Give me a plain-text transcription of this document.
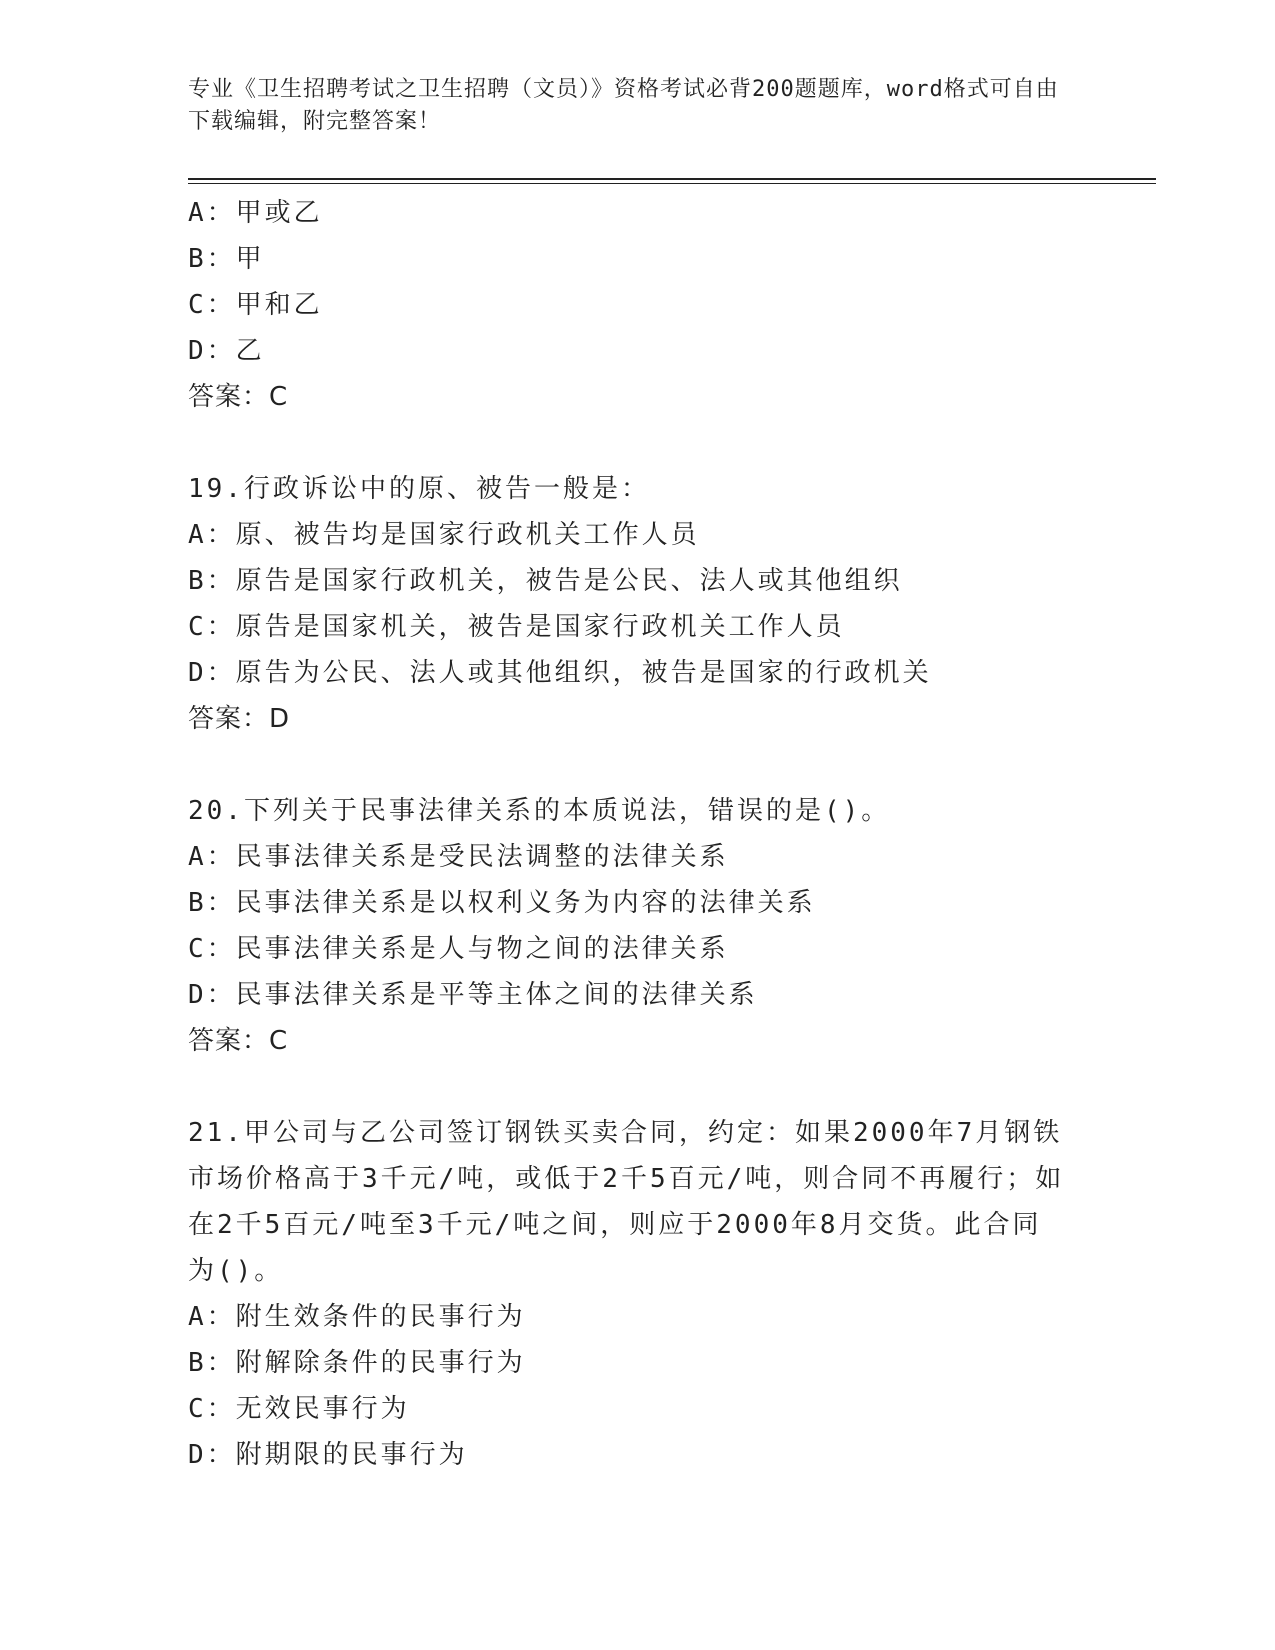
专业《卫生招聘考试之卫生招聘（文员）》资格考试必背200题题库，word格式可自由下载编辑，附完整答案！
A：甲或乙
B：甲
C：甲和乙
D：乙
答案：C
19.行政诉讼中的原、被告一般是：
A：原、被告均是国家行政机关工作人员
B：原告是国家行政机关，被告是公民、法人或其他组织
C：原告是国家机关，被告是国家行政机关工作人员
D：原告为公民、法人或其他组织，被告是国家的行政机关
答案：D
20.下列关于民事法律关系的本质说法，错误的是()。
A：民事法律关系是受民法调整的法律关系
B：民事法律关系是以权利义务为内容的法律关系
C：民事法律关系是人与物之间的法律关系
D：民事法律关系是平等主体之间的法律关系
答案：C
21.甲公司与乙公司签订钢铁买卖合同，约定：如果2000年7月钢铁市场价格高于3千元/吨，或低于2千5百元/吨，则合同不再履行；如在2千5百元/吨至3千元/吨之间，则应于2000年8月交货。此合同为()。
A：附生效条件的民事行为
B：附解除条件的民事行为
C：无效民事行为
D：附期限的民事行为
